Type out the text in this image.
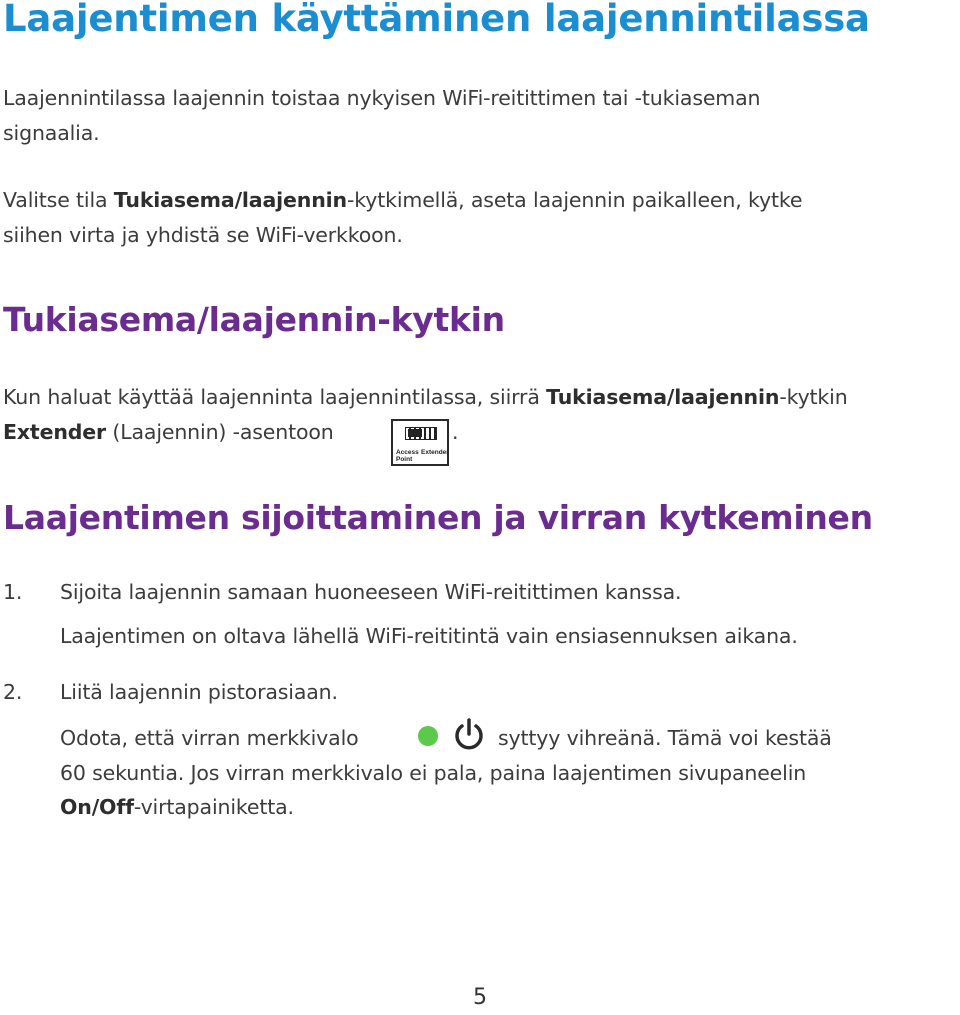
Laajentimen käyttäminen laajennintilassa
Laajennintilassa laajennin toistaa nykyisen WiFi-reitittimen tai -tukiaseman
signaalia.
Valitse tila Tukiasema/laajennin-kytkimellä, aseta laajennin paikalleen, kytke
siihen virta ja yhdistä se WiFi-verkkoon.
Tukiasema/laajennin-kytkin
Kun haluat käyttää laajenninta laajennintilassa, siirrä Tukiasema/laajennin-kytkin
Extender (Laajennin) -asentoon
Access
Point
Extender
.
Laajentimen sijoittaminen ja virran kytkeminen
1. Sijoita laajennin samaan huoneeseen WiFi-reitittimen kanssa.
Laajentimen on oltava lähellä WiFi-reititintä vain ensiasennuksen aikana.
2. Liitä laajennin pistorasiaan.
Odota, että virran merkkivalo	syttyy vihreänä. Tämä voi kestää
60 sekuntia. Jos virran merkkivalo ei pala, paina laajentimen sivupaneelin
On/Off-virtapainiketta.
5
